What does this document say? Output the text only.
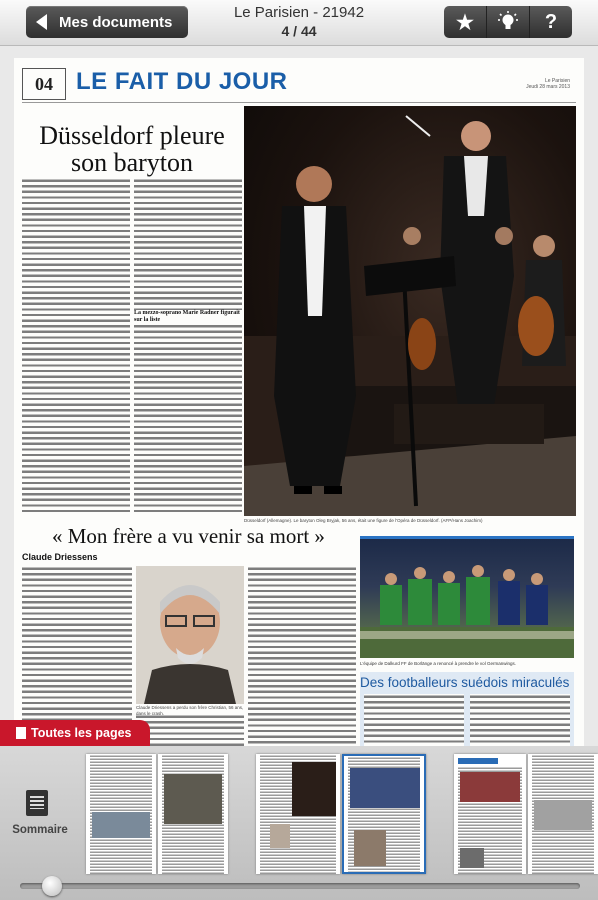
Mes documents
Le Parisien - 21942
4 / 44	★	?
04 LE FAIT DU JOUR	Le Parisien
Jeudi 28 mars 2013
Düsseldorf pleure son baryton
La mezzo-soprano Marie Radner figurait sur la liste
Düsseldorf (Allemagne). Le baryton Oleg Bryjak, 56 ans, était une figure de l'Opéra de Düsseldorf. (AFP/Hans Joachim)
« Mon frère a vu venir sa mort »
Claude Driessens
Claude Driessens a perdu son frère Christian, 56 ans, dans le crash.
L'équipe de Dalkurd FF de Borlänge a renoncé à prendre le vol Germanwings.
Des footballeurs suédois miraculés
Toutes les pages
Sommaire
